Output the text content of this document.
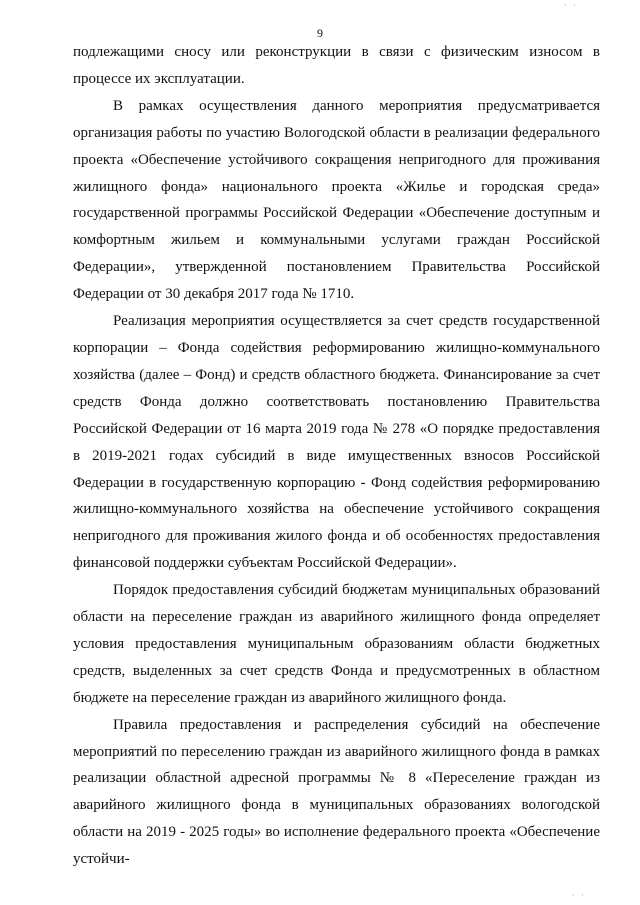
· ·
9

подлежащими сносу или реконструкции в связи с физическим износом в процессе их эксплуатации.

В рамках осуществления данного мероприятия предусматривается организация работы по участию Вологодской области в реализации федерального проекта «Обеспечение устойчивого сокращения непригодного для проживания жилищного фонда» национального проекта «Жилье и городская среда» государственной программы Российской Федерации «Обеспечение доступным и комфортным жильем и коммунальными услугами граждан Российской Федерации», утвержденной постановлением Правительства Российской Федерации от 30 декабря 2017 года № 1710.

Реализация мероприятия осуществляется за счет средств государственной корпорации – Фонда содействия реформированию жилищно-коммунального хозяйства (далее – Фонд) и средств областного бюджета. Финансирование за счет средств Фонда должно соответствовать постановлению Правительства Российской Федерации от 16 марта 2019 года № 278 «О порядке предоставления в 2019-2021 годах субсидий в виде имущественных взносов Российской Федерации в государственную корпорацию - Фонд содействия реформированию жилищно-коммунального хозяйства на обеспечение устойчивого сокращения непригодного для проживания жилого фонда и об особенностях предоставления финансовой поддержки субъектам Российской Федерации».

Порядок предоставления субсидий бюджетам муниципальных образований области на переселение граждан из аварийного жилищного фонда определяет условия предоставления муниципальным образованиям области бюджетных средств, выделенных за счет средств Фонда и предусмотренных в областном бюджете на переселение граждан из аварийного жилищного фонда.

Правила предоставления и распределения субсидий на обеспечение мероприятий по переселению граждан из аварийного жилищного фонда в рамках реализации областной адресной программы № 8 «Переселение граждан из аварийного жилищного фонда в муниципальных образованиях вологодской области на 2019 - 2025 годы» во исполнение федерального проекта «Обеспечение устойчи-

· ·
